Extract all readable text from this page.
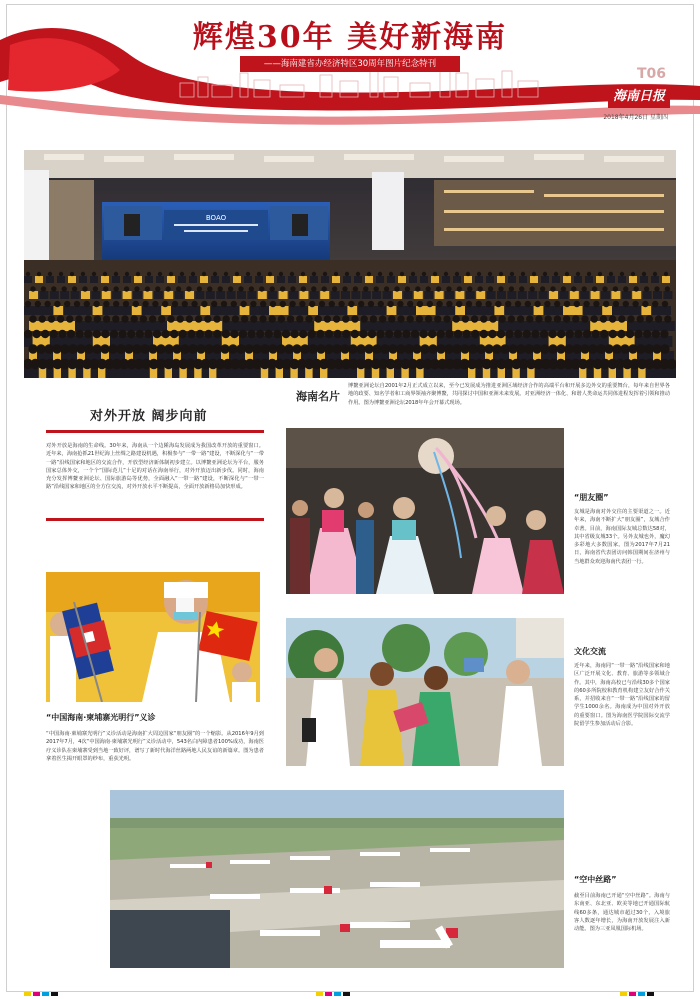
辉煌30年 美好新海南
——海南建省办经济特区30周年图片纪念特刊
T06
海南日报
2018年4月26日 星期四
BOAO
海南名片
博鳌亚洲论坛自2001年2月正式成立以来，至今已发展成为推进亚洲区域经济合作的高端平台和开展多边外交的重要舞台，每年来自世界各地的政要、知名学者和工商界领袖齐聚博鳌，共同探讨中国和亚洲未来发展。对亚洲经济一体化、和谐人类命运共同体进程发挥着引领和推动作用。图为博鳌亚洲论坛2018年年会开幕式现场。
对外开放 阔步向前
对外开放是海南的生命线。30年来，海南从一个边陲海岛发展成为我国改革开放的重要窗口。近年来，海南抢抓21世纪海上丝绸之路建设机遇，积极参与“一带一路”建设，不断深化与“一带一路”沿线国家和地区的交流合作，开放型经济新体制初步建立。以博鳌亚洲论坛为平台，服务国家总体外交，一个个“国际范儿”十足的对话在海南举行，对外开放迈出新步伐。同时，海南充分发挥博鳌亚洲论坛、国际旅游岛等优势，全面融入“一带一路”建设，不断深化与“一带一路”沿线国家和地区的全方位交流，对外开放水平不断提高，全面开放新格局加快形成。
“朋友圈”
友城是海南对外交往的主要渠道之一。近年来，海南不断扩大“朋友圈”，友城合作卓著。目前，海南国际友城总数达58对，其中省级友城33个。另外友城也外，魔幻多彩地大多数国家。图为2017年7月21日，海南省代表团访问韩国期间在济州与当地群众欢迎海南代表团一行。
“中国海南·柬埔寨光明行”义诊
“中国海南·柬埔寨光明行”义诊活动是海南扩大周边国家“朋友圈”的一个缩影。从2016年9月到2017年7月，4次“中国海南·柬埔寨光明行”义诊活动中，543名白内障患者100%成功，海南医疗义诊队在柬埔寨受到当地一致好评，谱写了新时代海洋丝路两地人民友谊的新篇章。图为患者拿着医生揭开眼罩的纱布，重获光明。
文化交流
近年来，海南同“一带一路”沿线国家和地区广泛开展文化、教育、旅游等多领域合作。其中，海南高校已与沿线30多个国家的60多所院校和教育机构建立友好合作关系，并招收来自“一带一路”沿线国家的留学生1000余名。海南成为中国对外开放的重要窗口。图为海南医学院国际交流学院留学生参加活动后合影。
“空中丝路”
截至目前海南已开通“空中丝路”。海南与东南亚、东北亚、欧美等地已开通国际航线60多条，通达城市超过30个，入境旅客人数逐年增长，为海南开放发展注入新动能。图为三亚凤凰国际机场。
